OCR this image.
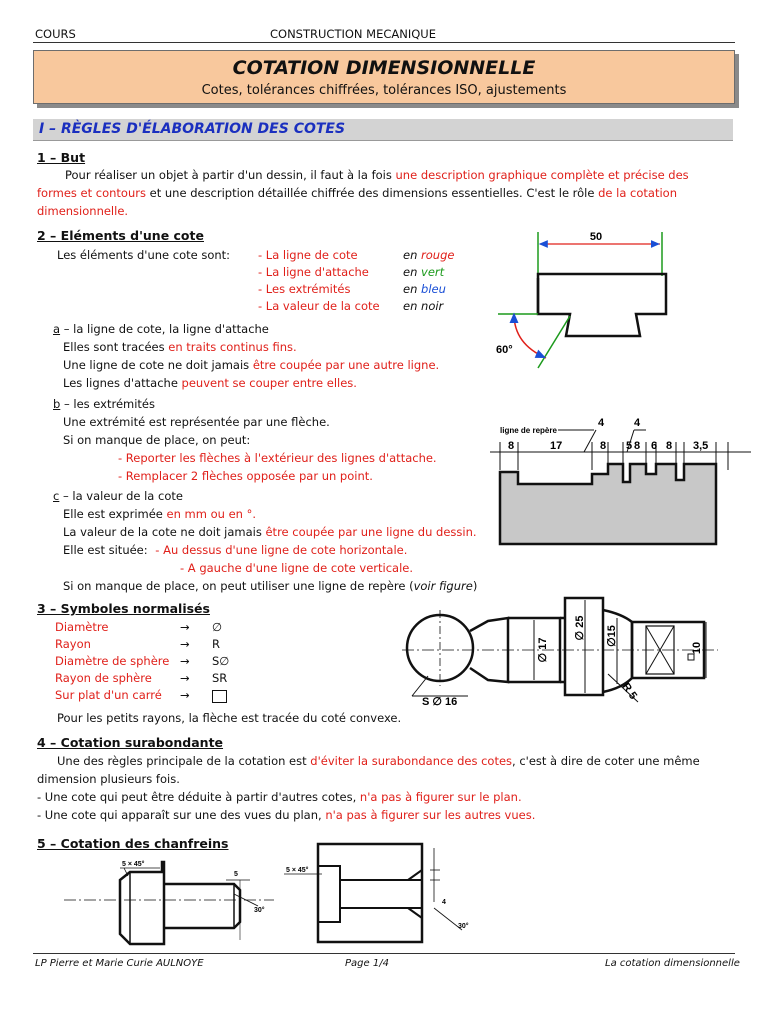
COURS	CONSTRUCTION MECANIQUE
COTATION DIMENSIONNELLE
Cotes, tolérances chiffrées, tolérances ISO, ajustements
I – RÈGLES D'ÉLABORATION DES COTES
1 – But
Pour réaliser un objet à partir d'un dessin, il faut à la fois une description graphique complète et précise des
formes et contours et une description détaillée chiffrée des dimensions essentielles. C'est le rôle de la cotation
dimensionnelle.
2 – Eléments d'une cote
Les éléments d'une cote sont: - La ligne de cote	en rouge
- La ligne d'attache	en vert
- Les extrémités	en bleu
- La valeur de la cote en noir
a – la ligne de cote, la ligne d'attache
Elles sont tracées en traits continus fins.
Une ligne de cote ne doit jamais être coupée par une autre ligne.
Les lignes d'attache peuvent se couper entre elles.
b – les extrémités
Une extrémité est représentée par une flèche.
Si on manque de place, on peut:
- Reporter les flèches à l'extérieur des lignes d'attache.
- Remplacer 2 flèches opposée par un point.
c – la valeur de la cote
Elle est exprimée en mm ou en °.
La valeur de la cote ne doit jamais être coupée par une ligne du dessin.
Elle est située: - Au dessus d'une ligne de cote horizontale.
- A gauche d'une ligne de cote verticale.
Si on manque de place, on peut utiliser une ligne de repère (voir figure)
3 – Symboles normalisés
Diamètre	→ ∅
Rayon	→ R
Diamètre de sphère → S∅
Rayon de sphère → SR
Sur plat d'un carré →
Pour les petits rayons, la flèche est tracée du coté convexe.
4 – Cotation surabondante
Une des règles principale de la cotation est d'éviter la surabondance des cotes, c'est à dire de coter une même
dimension plusieurs fois.
- Une cote qui peut être déduite à partir d'autres cotes, n'a pas à figurer sur le plan.
- Une cote qui apparaît sur une des vues du plan, n'a pas à figurer sur les autres vues.
5 – Cotation des chanfreins
50
60°
ligne de repère
4	4
8	17	8 5 8 6 8 3,5
∅ 17
∅ 25 ∅15
10
S ∅ 16
R 5
5 × 45°
5
30°
5 × 45°
4
30°
LP Pierre et Marie Curie AULNOYE	Page 1/4	La cotation dimensionnelle
